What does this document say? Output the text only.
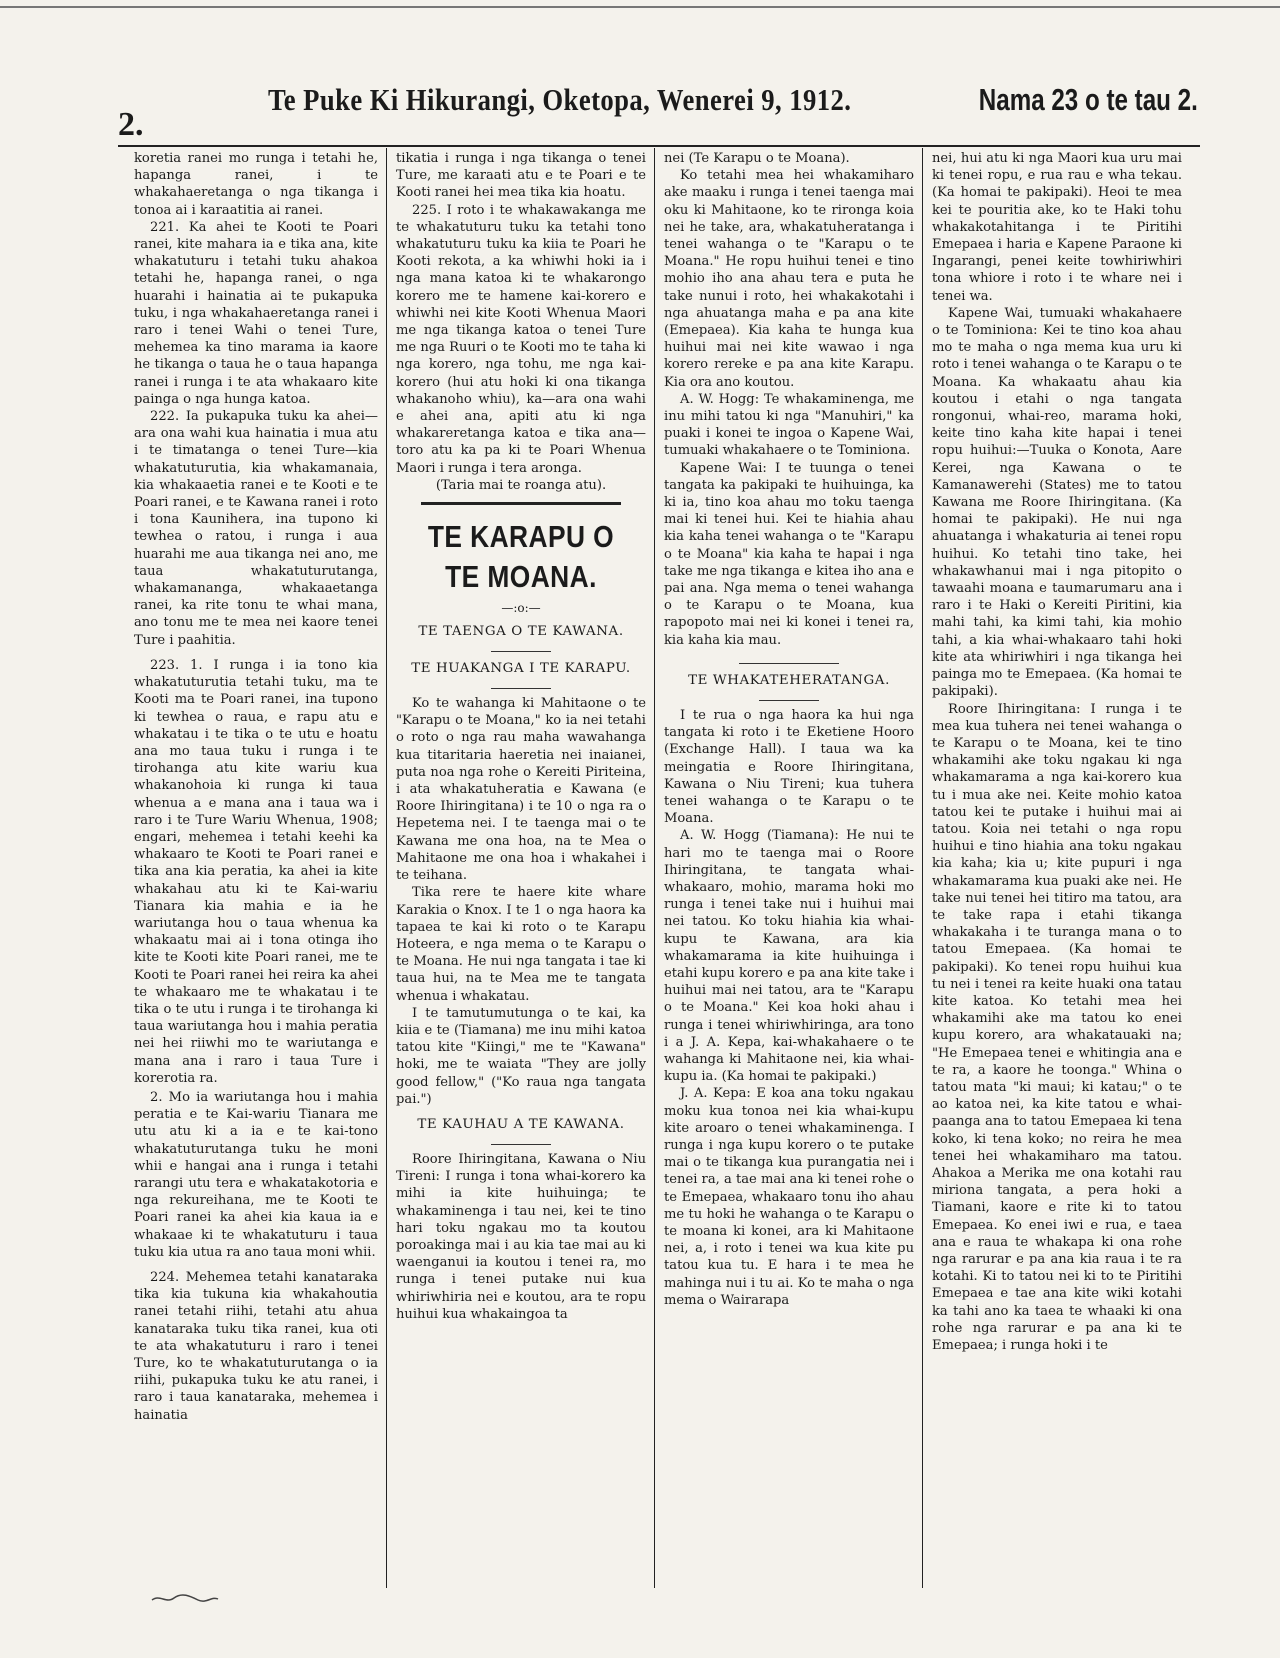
2.
Te Puke Ki Hikurangi, Oketopa, Wenerei 9, 1912.	Nama 23 o te tau 2.

koretia ranei mo runga i tetahi he, hapanga ranei, i te whakahaeretanga o nga tikanga i tonoa ai i karaatitia ai ranei.

221. Ka ahei te Kooti te Poari ranei, kite mahara ia e tika ana, kite whakatuturu i tetahi tuku ahakoa tetahi he, hapanga ranei, o nga huarahi i hainatia ai te pukapuka tuku, i nga whakahaeretanga ranei i raro i tenei Wahi o tenei Ture, mehemea ka tino marama ia kaore he tikanga o taua he o taua hapanga ranei i runga i te ata whakaaro kite painga o nga hunga katoa.

222. Ia pukapuka tuku ka ahei—ara ona wahi kua hainatia i mua atu i te timatanga o tenei Ture—kia whakatuturutia, kia whakamanaia, kia whakaaetia ranei e te Kooti e te Poari ranei, e te Kawana ranei i roto i tona Kaunihera, ina tupono ki tewhea o ratou, i runga i aua huarahi me aua tikanga nei ano, me taua whakatuturutanga, whakamananga, whakaaetanga ranei, ka rite tonu te whai mana, ano tonu me te mea nei kaore tenei Ture i paahitia.

223. 1. I runga i ia tono kia whakatuturutia tetahi tuku, ma te Kooti ma te Poari ranei, ina tupono ki tewhea o raua, e rapu atu e whakatau i te tika o te utu e hoatu ana mo taua tuku i runga i te tirohanga atu kite wariu kua whakanohoia ki runga ki taua whenua a e mana ana i taua wa i raro i te Ture Wariu Whenua, 1908; engari, mehemea i tetahi keehi ka whakaaro te Kooti te Poari ranei e tika ana kia peratia, ka ahei ia kite whakahau atu ki te Kai-wariu Tianara kia mahia e ia he wariutanga hou o taua whenua ka whakaatu mai ai i tona otinga iho kite te Kooti kite Poari ranei, me te Kooti te Poari ranei hei reira ka ahei te whakaaro me te whakatau i te tika o te utu i runga i te tirohanga ki taua wariutanga hou i mahia peratia nei hei riiwhi mo te wariutanga e mana ana i raro i taua Ture i korerotia ra.

2. Mo ia wariutanga hou i mahia peratia e te Kai-wariu Tianara me utu atu ki a ia e te kai-tono whakatuturutanga tuku he moni whii e hangai ana i runga i tetahi rarangi utu tera e whakatakotoria e nga rekureihana, me te Kooti te Poari ranei ka ahei kia kaua ia e whakaae ki te whakatuturu i taua tuku kia utua ra ano taua moni whii.

224. Mehemea tetahi kanataraka tika kia tukuna kia whakahoutia ranei tetahi riihi, tetahi atu ahua kanataraka tuku tika ranei, kua oti te ata whakatuturu i raro i tenei Ture, ko te whakatuturutanga o ia riihi, pukapuka tuku ke atu ranei, i raro i taua kanataraka, mehemea i hainatia

tikatia i runga i nga tikanga o tenei Ture, me karaati atu e te Poari e te Kooti ranei hei mea tika kia hoatu.

225. I roto i te whakawakanga me te whakatuturu tuku ka tetahi tono whakatuturu tuku ka kiia te Poari he Kooti rekota, a ka whiwhi hoki ia i nga mana katoa ki te whakarongo korero me te hamene kai-korero e whiwhi nei kite Kooti Whenua Maori me nga tikanga katoa o tenei Ture me nga Ruuri o te Kooti mo te taha ki nga korero, nga tohu, me nga kai-korero (hui atu hoki ki ona tikanga whakanoho whiu), ka—ara ona wahi e ahei ana, apiti atu ki nga whakareretanga katoa e tika ana—toro atu ka pa ki te Poari Whenua Maori i runga i tera aronga.

(Taria mai te roanga atu).

TE KARAPU O TE MOANA.
—:o:—
TE TAENGA O TE KAWANA.
TE HUAKANGA I TE KARAPU.

Ko te wahanga ki Mahitaone o te "Karapu o te Moana," ko ia nei tetahi o roto o nga rau maha wawahanga kua titaritaria haeretia nei inaianei, puta noa nga rohe o Kereiti Piriteina, i ata whakatuheratia e Kawana (e Roore Ihiringitana) i te 10 o nga ra o Hepetema nei. I te taenga mai o te Kawana me ona hoa, na te Mea o Mahitaone me ona hoa i whakahei i te teihana.

Tika rere te haere kite whare Karakia o Knox. I te 1 o nga haora ka tapaea te kai ki roto o te Karapu Hoteera, e nga mema o te Karapu o te Moana. He nui nga tangata i tae ki taua hui, na te Mea me te tangata whenua i whakatau.

I te tamutumutunga o te kai, ka kiia e te (Tiamana) me inu mihi katoa tatou kite "Kiingi," me te "Kawana" hoki, me te waiata "They are jolly good fellow," ("Ko raua nga tangata pai.")

TE KAUHAU A TE KAWANA.

Roore Ihiringitana, Kawana o Niu Tireni: I runga i tona whai-korero ka mihi ia kite huihuinga; te whakaminenga i tau nei, kei te tino hari toku ngakau mo ta koutou poroakinga mai i au kia tae mai au ki waenganui ia koutou i tenei ra, mo runga i tenei putake nui kua whiriwhiria nei e koutou, ara te ropu huihui kua whakaingoa ta

nei (Te Karapu o te Moana).

Ko tetahi mea hei whakamiharo ake maaku i runga i tenei taenga mai oku ki Mahitaone, ko te rironga koia nei he take, ara, whakatuheratanga i tenei wahanga o te "Karapu o te Moana." He ropu huihui tenei e tino mohio iho ana ahau tera e puta he take nunui i roto, hei whakakotahi i nga ahuatanga maha e pa ana kite (Emepaea). Kia kaha te hunga kua huihui mai nei kite wawao i nga korero rereke e pa ana kite Karapu. Kia ora ano koutou.

A. W. Hogg: Te whakaminenga, me inu mihi tatou ki nga "Manuhiri," ka puaki i konei te ingoa o Kapene Wai, tumuaki whakahaere o te Tominiona.

Kapene Wai: I te tuunga o tenei tangata ka pakipaki te huihuinga, ka ki ia, tino koa ahau mo toku taenga mai ki tenei hui. Kei te hiahia ahau kia kaha tenei wahanga o te "Karapu o te Moana" kia kaha te hapai i nga take me nga tikanga e kitea iho ana e pai ana. Nga mema o tenei wahanga o te Karapu o te Moana, kua rapopoto mai nei ki konei i tenei ra, kia kaha kia mau.

TE WHAKATEHERATANGA.

I te rua o nga haora ka hui nga tangata ki roto i te Eketiene Hooro (Exchange Hall). I taua wa ka meingatia e Roore Ihiringitana, Kawana o Niu Tireni; kua tuhera tenei wahanga o te Karapu o te Moana.

A. W. Hogg (Tiamana): He nui te hari mo te taenga mai o Roore Ihiringitana, te tangata whai-whakaaro, mohio, marama hoki mo runga i tenei take nui i huihui mai nei tatou. Ko toku hiahia kia whai-kupu te Kawana, ara kia whakamarama ia kite huihuinga i etahi kupu korero e pa ana kite take i huihui mai nei tatou, ara te "Karapu o te Moana." Kei koa hoki ahau i runga i tenei whiriwhiringa, ara tono i a J. A. Kepa, kai-whakahaere o te wahanga ki Mahitaone nei, kia whai-kupu ia. (Ka homai te pakipaki.)

J. A. Kepa: E koa ana toku ngakau moku kua tonoa nei kia whai-kupu kite aroaro o tenei whakaminenga. I runga i nga kupu korero o te putake mai o te tikanga kua purangatia nei i tenei ra, a tae mai ana ki tenei rohe o te Emepaea, whakaaro tonu iho ahau me tu hoki he wahanga o te Karapu o te moana ki konei, ara ki Mahitaone nei, a, i roto i tenei wa kua kite pu tatou kua tu. E hara i te mea he mahinga nui i tu ai. Ko te maha o nga mema o Wairarapa

nei, hui atu ki nga Maori kua uru mai ki tenei ropu, e rua rau e wha tekau. (Ka homai te pakipaki). Heoi te mea kei te pouritia ake, ko te Haki tohu whakakotahitanga i te Piritihi Emepaea i haria e Kapene Paraone ki Ingarangi, penei keite towhiriwhiri tona whiore i roto i te whare nei i tenei wa.

Kapene Wai, tumuaki whakahaere o te Tominiona: Kei te tino koa ahau mo te maha o nga mema kua uru ki roto i tenei wahanga o te Karapu o te Moana. Ka whakaatu ahau kia koutou i etahi o nga tangata rongonui, whai-reo, marama hoki, keite tino kaha kite hapai i tenei ropu huihui:—Tuuka o Konota, Aare Kerei, nga Kawana o te Kamanawerehi (States) me to tatou Kawana me Roore Ihiringitana. (Ka homai te pakipaki). He nui nga ahuatanga i whakaturia ai tenei ropu huihui. Ko tetahi tino take, hei whakawhanui mai i nga pitopito o tawaahi moana e taumarumaru ana i raro i te Haki o Kereiti Piritini, kia mahi tahi, ka kimi tahi, kia mohio tahi, a kia whai-whakaaro tahi hoki kite ata whiriwhiri i nga tikanga hei painga mo te Emepaea. (Ka homai te pakipaki).

Roore Ihiringitana: I runga i te mea kua tuhera nei tenei wahanga o te Karapu o te Moana, kei te tino whakamihi ake toku ngakau ki nga whakamarama a nga kai-korero kua tu i mua ake nei. Keite mohio katoa tatou kei te putake i huihui mai ai tatou. Koia nei tetahi o nga ropu huihui e tino hiahia ana toku ngakau kia kaha; kia u; kite pupuri i nga whakamarama kua puaki ake nei. He take nui tenei hei titiro ma tatou, ara te take rapa i etahi tikanga whakakaha i te turanga mana o to tatou Emepaea. (Ka homai te pakipaki). Ko tenei ropu huihui kua tu nei i tenei ra keite huaki ona tatau kite katoa. Ko tetahi mea hei whakamihi ake ma tatou ko enei kupu korero, ara whakatauaki na; "He Emepaea tenei e whitingia ana e te ra, a kaore he toonga." Whina o tatou mata "ki maui; ki katau;" o te ao katoa nei, ka kite tatou e whai-paanga ana to tatou Emepaea ki tena koko, ki tena koko; no reira he mea tenei hei whakamiharo ma tatou. Ahakoa a Merika me ona kotahi rau miriona tangata, a pera hoki a Tiamani, kaore e rite ki to tatou Emepaea. Ko enei iwi e rua, e taea ana e raua te whakapa ki ona rohe nga rarurar e pa ana kia raua i te ra kotahi. Ki to tatou nei ki to te Piritihi Emepaea e tae ana kite wiki kotahi ka tahi ano ka taea te whaaki ki ona rohe nga rarurar e pa ana ki te Emepaea; i runga hoki i te
